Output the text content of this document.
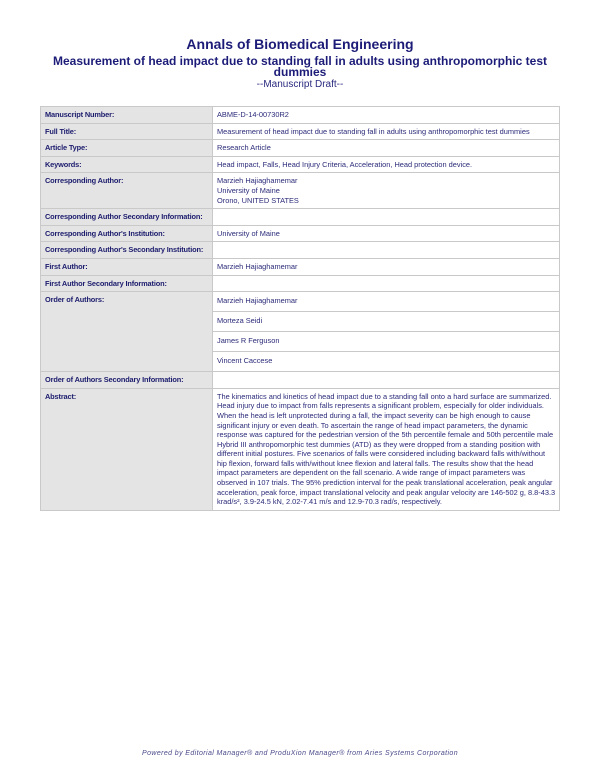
Annals of Biomedical Engineering
Measurement of head impact due to standing fall in adults using anthropomorphic test dummies
--Manuscript Draft--
Manuscript Number:	ABME-D-14-00730R2
Full Title:	Measurement of head impact due to standing fall in adults using anthropomorphic test dummies
Article Type:	Research Article
Keywords:	Head impact, Falls, Head Injury Criteria, Acceleration, Head protection device.
Corresponding Author:	Marzieh Hajiaghamemar
University of Maine
Orono, UNITED STATES

Corresponding Author Secondary Information:	
Corresponding Author's Institution:	University of Maine
Corresponding Author's Secondary Institution:	
First Author:	Marzieh Hajiaghamemar
First Author Secondary Information:	
Order of Authors:	Marzieh Hajiaghamemar
Morteza Seidi
James R Ferguson
Vincent Caccese

Order of Authors Secondary Information:	
Abstract:	The kinematics and kinetics of head impact due to a standing fall onto a hard surface are summarized. Head injury due to impact from falls represents a significant problem, especially for older individuals. When the head is left unprotected during a fall, the impact severity can be high enough to cause significant injury or even death. To ascertain the range of head impact parameters, the dynamic response was captured for the pedestrian version of the 5th percentile female and 50th percentile male Hybrid III anthropomorphic test dummies (ATD) as they were dropped from a standing position with different initial postures. Five scenarios of falls were considered including backward falls with/without hip flexion, forward falls with/without knee flexion and lateral falls. The results show that the head impact parameters are dependent on the fall scenario. A wide range of impact parameters was observed in 107 trials. The 95% prediction interval for the peak translational acceleration, peak angular acceleration, peak force, impact translational velocity and peak angular velocity are 146-502 g, 8.8-43.3 krad/s², 3.9-24.5 kN, 2.02-7.41 m/s and 12.9-70.3 rad/s, respectively.
Powered by Editorial Manager® and ProduXion Manager® from Aries Systems Corporation
